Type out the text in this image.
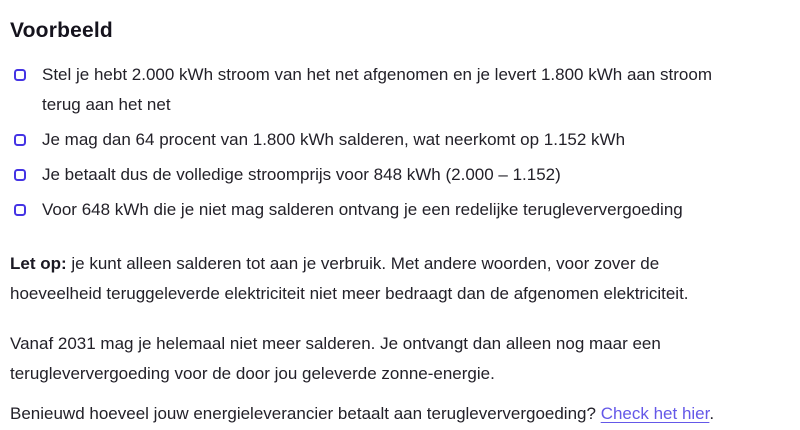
Voorbeeld
Stel je hebt 2.000 kWh stroom van het net afgenomen en je levert 1.800 kWh aan stroom
terug aan het net
Je mag dan 64 procent van 1.800 kWh salderen, wat neerkomt op 1.152 kWh
Je betaalt dus de volledige stroomprijs voor 848 kWh (2.000 – 1.152)
Voor 648 kWh die je niet mag salderen ontvang je een redelijke terugleververgoeding

Let op: je kunt alleen salderen tot aan je verbruik. Met andere woorden, voor zover de
hoeveelheid teruggeleverde elektriciteit niet meer bedraagt dan de afgenomen elektriciteit.

Vanaf 2031 mag je helemaal niet meer salderen. Je ontvangt dan alleen nog maar een
terugleververgoeding voor de door jou geleverde zonne-energie.

Benieuwd hoeveel jouw energieleverancier betaalt aan terugleververgoeding? Check het hier.
